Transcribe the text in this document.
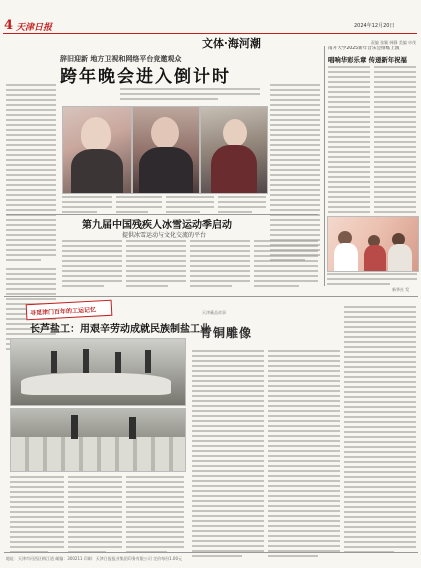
4 天津日报	2024年12月20日
文体·海河潮	责编 张颖 韩静 美编 卓茂
辞旧迎新 地方卫视和网络平台竞邀观众
跨年晚会进入倒计时
南开大学2025新年音乐会排练上演
唱响华彩乐章 传递新年祝福
第九届中国残疾人冰雪运动季启动
提供冰雪运动与文化交流的平台
新华社 发
寻觅津门百年的工运记忆
长芦盐工：用艰辛劳动成就民族制盐工业
天津藏品故事
青铜雕像
地址：天津市河西区梅江道 邮编：300211 印刷：天津日报报业集团印务有限公司 定价每份1.00元
